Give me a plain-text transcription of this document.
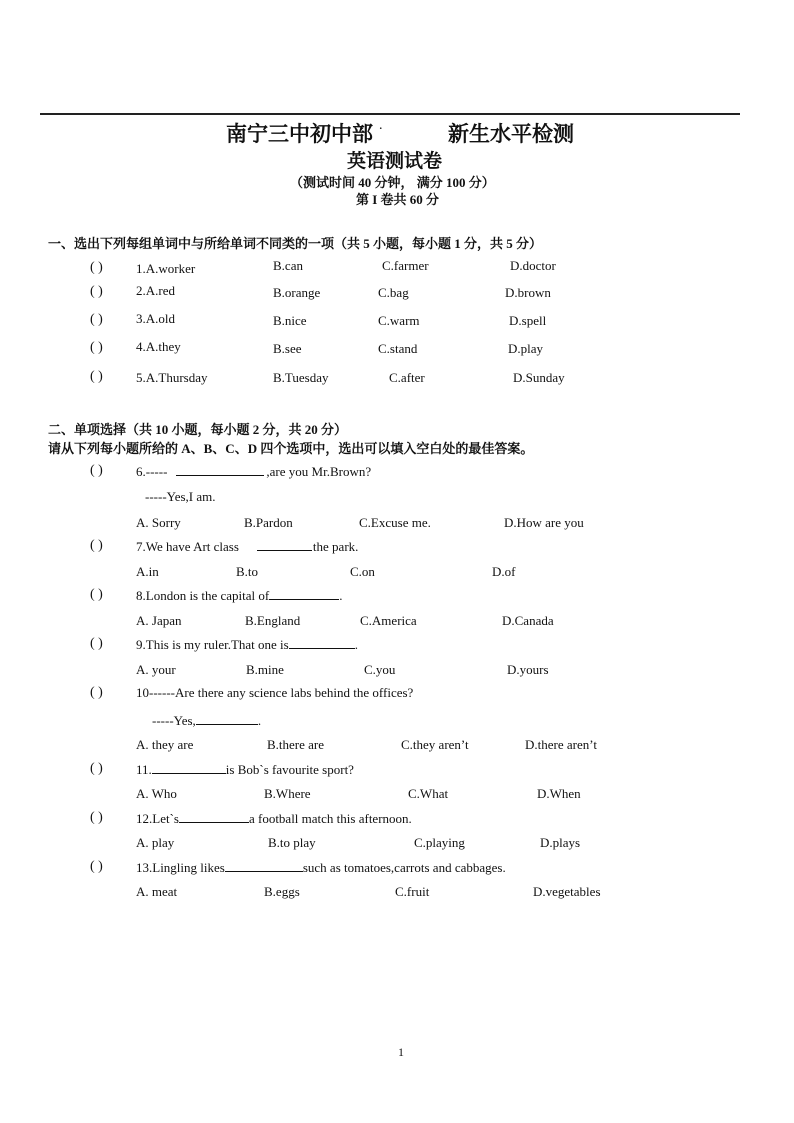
南宁三中初中部 .	新生水平检测
英语测试卷
（测试时间 40 分钟， 满分 100 分）
第 I 卷共 60 分
一、选出下列每组单词中与所给单词不同类的一项（共 5 小题，每小题 1 分，共 5 分）
( )	1.A.worker	B.can	C.farmer	D.doctor
( )	2.A.red	B.orange	C.bag	D.brown
( )	3.A.old	B.nice	C.warm	D.spell
( )	4.A.they	B.see	C.stand	D.play
( )	5.A.Thursday	B.Tuesday	C.after	D.Sunday
二、单项选择（共 10 小题，每小题 2 分，共 20 分）
请从下列每小题所给的 A、B、C、D 四个选项中，选出可以填入空白处的最佳答案。
( )	6.-----	,are you Mr.Brown?
-----Yes,I am.
A. Sorry	B.Pardon	C.Excuse me.	D.How are you
( )	7.We have Art class	the park.
A.in	B.to	C.on	D.of
( )	8.London is the capital of	.
A. Japan	B.England	C.America	D.Canada
( )	9.This is my ruler.That one is	.
A. your	B.mine	C.you	D.yours
( )	10------Are there any science labs behind the offices?
-----Yes,	.
A. they are	B.there are	C.they aren’t	D.there aren’t
( )	11.	is Bob`s favourite sport?
A. Who	B.Where	C.What	D.When
( )	12.Let`s	a football match this afternoon.
A. play	B.to play	C.playing	D.plays
( )	13.Lingling likes	such as tomatoes,carrots and cabbages.
A. meat	B.eggs	C.fruit	D.vegetables
1
